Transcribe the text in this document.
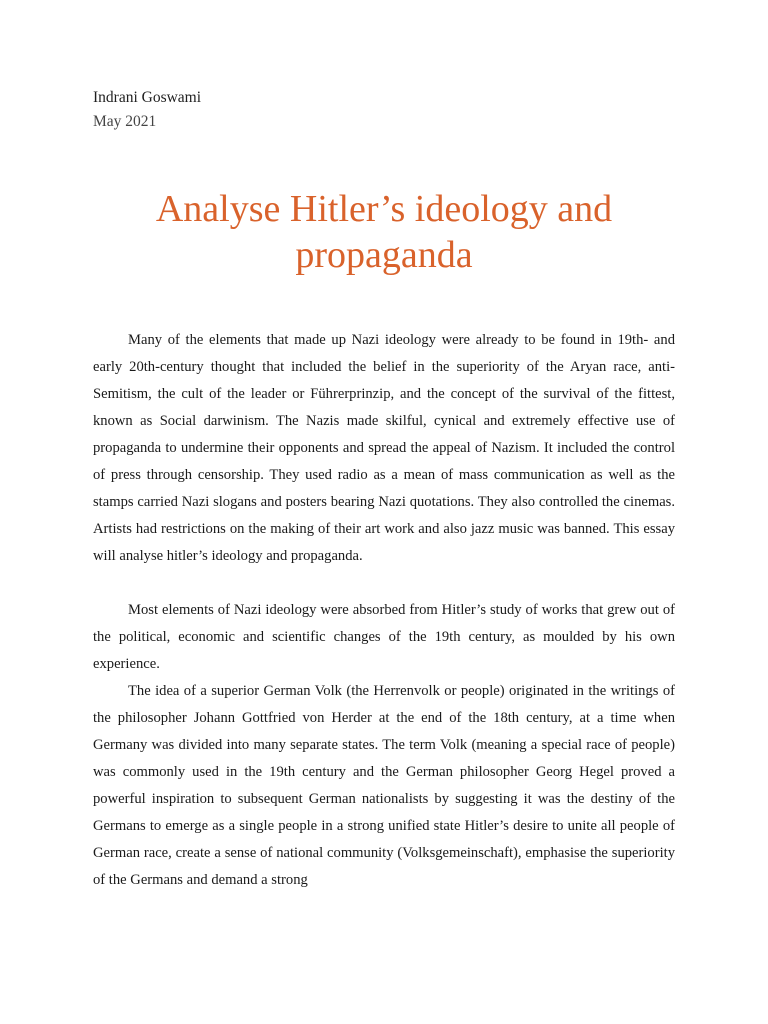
Indrani Goswami
May 2021
Analyse Hitler’s ideology and propaganda

Many of the elements that made up Nazi ideology were already to be found in 19th- and early 20th-century thought that included the belief in the superiority of the Aryan race, anti-Semitism, the cult of the leader or Führerprinzip, and the concept of the survival of the fittest, known as Social darwinism. The Nazis made skilful, cynical and extremely effective use of propaganda to undermine their opponents and spread the appeal of Nazism. It included the control of press through censorship. They used radio as a mean of mass communication as well as the stamps carried Nazi slogans and posters bearing Nazi quotations. They also controlled the cinemas. Artists had restrictions on the making of their art work and also jazz music was banned. This essay will analyse hitler’s ideology and propaganda.

Most elements of Nazi ideology were absorbed from Hitler’s study of works that grew out of the political, economic and scientific changes of the 19th century, as moulded by his own experience.

The idea of a superior German Volk (the Herrenvolk or people) originated in the writings of the philosopher Johann Gottfried von Herder at the end of the 18th century, at a time when Germany was divided into many separate states. The term Volk (meaning a special race of people) was commonly used in the 19th century and the German philosopher Georg Hegel proved a powerful inspiration to subsequent German nationalists by suggesting it was the destiny of the Germans to emerge as a single people in a strong unified state Hitler’s desire to unite all people of German race, create a sense of national community (Volksgemeinschaft), emphasise the superiority of the Germans and demand a strong
